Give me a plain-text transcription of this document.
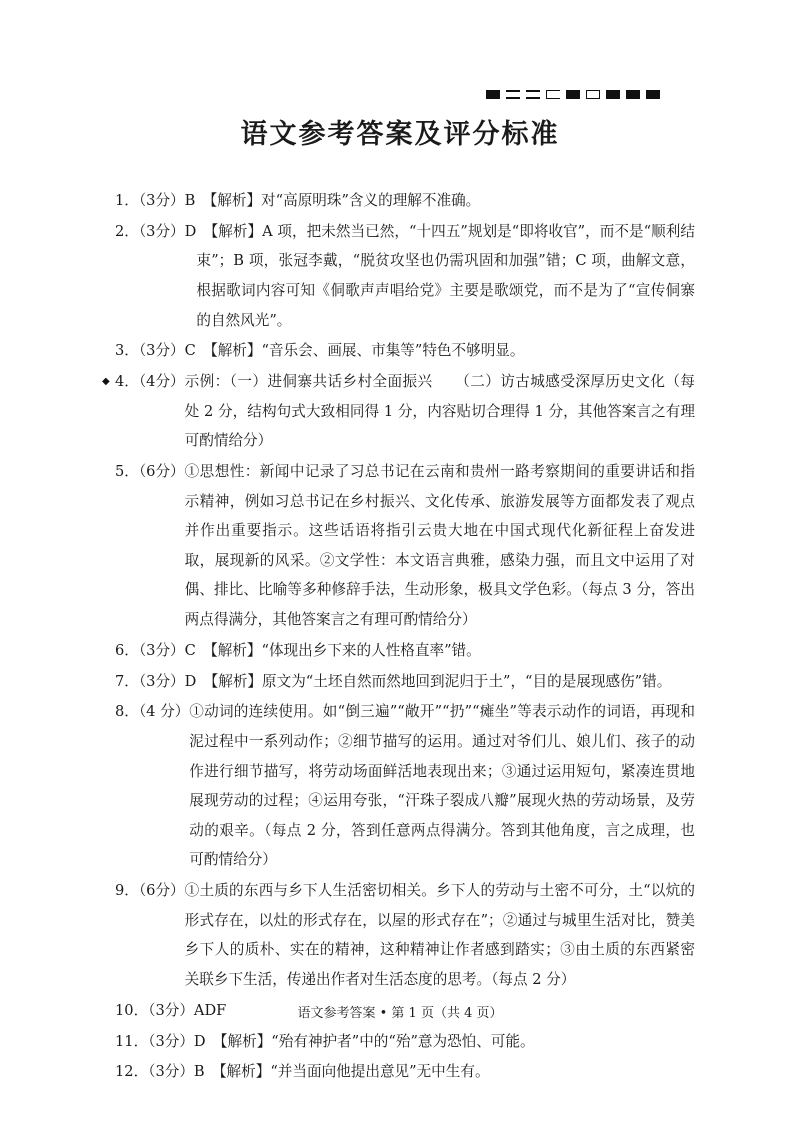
语文参考答案及评分标准
◆
1．（3分）B 　【解析】对“高原明珠”含义的理解不准确。
2．（3分）D 　【解析】A 项，把未然当已然，“十四五”规划是“即将收官”，而不是“顺利结束”；B 项，张冠李戴，“脱贫攻坚也仍需巩固和加强”错；C 项，曲解文意，根据歌词内容可知《侗歌声声唱给党》主要是歌颂党，而不是为了“宣传侗寨的自然风光”。
3．（3分）C 　【解析】“音乐会、画展、市集等”特色不够明显。
4．（4分） 示例：（一）进侗寨共话乡村全面振兴　　（二）访古城感受深厚历史文化（每处 2 分，结构句式大致相同得 1 分，内容贴切合理得 1 分，其他答案言之有理可酌情给分）
5．（6分） ①思想性：新闻中记录了习总书记在云南和贵州一路考察期间的重要讲话和指示精神，例如习总书记在乡村振兴、文化传承、旅游发展等方面都发表了观点并作出重要指示。这些话语将指引云贵大地在中国式现代化新征程上奋发进取，展现新的风采。②文学性：本文语言典雅，感染力强，而且文中运用了对偶、排比、比喻等多种修辞手法，生动形象，极具文学色彩。（每点 3 分，答出两点得满分，其他答案言之有理可酌情给分）
6．（3分）C 　【解析】“体现出乡下来的人性格直率”错。
7．（3分）D 　【解析】原文为“土坯自然而然地回到泥归于土”，“目的是展现感伤”错。
8．（4 分） ①动词的连续使用。如“倒三遍”“敞开”“扔”“瘫坐”等表示动作的词语，再现和泥过程中一系列动作；②细节描写的运用。通过对爷们儿、娘儿们、孩子的动作进行细节描写，将劳动场面鲜活地表现出来；③通过运用短句，紧凑连贯地展现劳动的过程；④运用夸张，“汗珠子裂成八瓣”展现火热的劳动场景，及劳动的艰辛。（每点 2 分，答到任意两点得满分。答到其他角度，言之成理，也可酌情给分）
9．（6分） ①土质的东西与乡下人生活密切相关。乡下人的劳动与土密不可分，土“以炕的形式存在，以灶的形式存在，以屋的形式存在”；②通过与城里生活对比，赞美乡下人的质朴、实在的精神，这种精神让作者感到踏实；③由土质的东西紧密关联乡下生活，传递出作者对生活态度的思考。（每点 2 分）
10．（3分）ADF
11．（3分）D 　【解析】“殆有神护者”中的“殆”意为恐怕、可能。
12．（3分）B 　【解析】“并当面向他提出意见”无中生有。
语文参考答案 • 第 1 页（共 4 页）
